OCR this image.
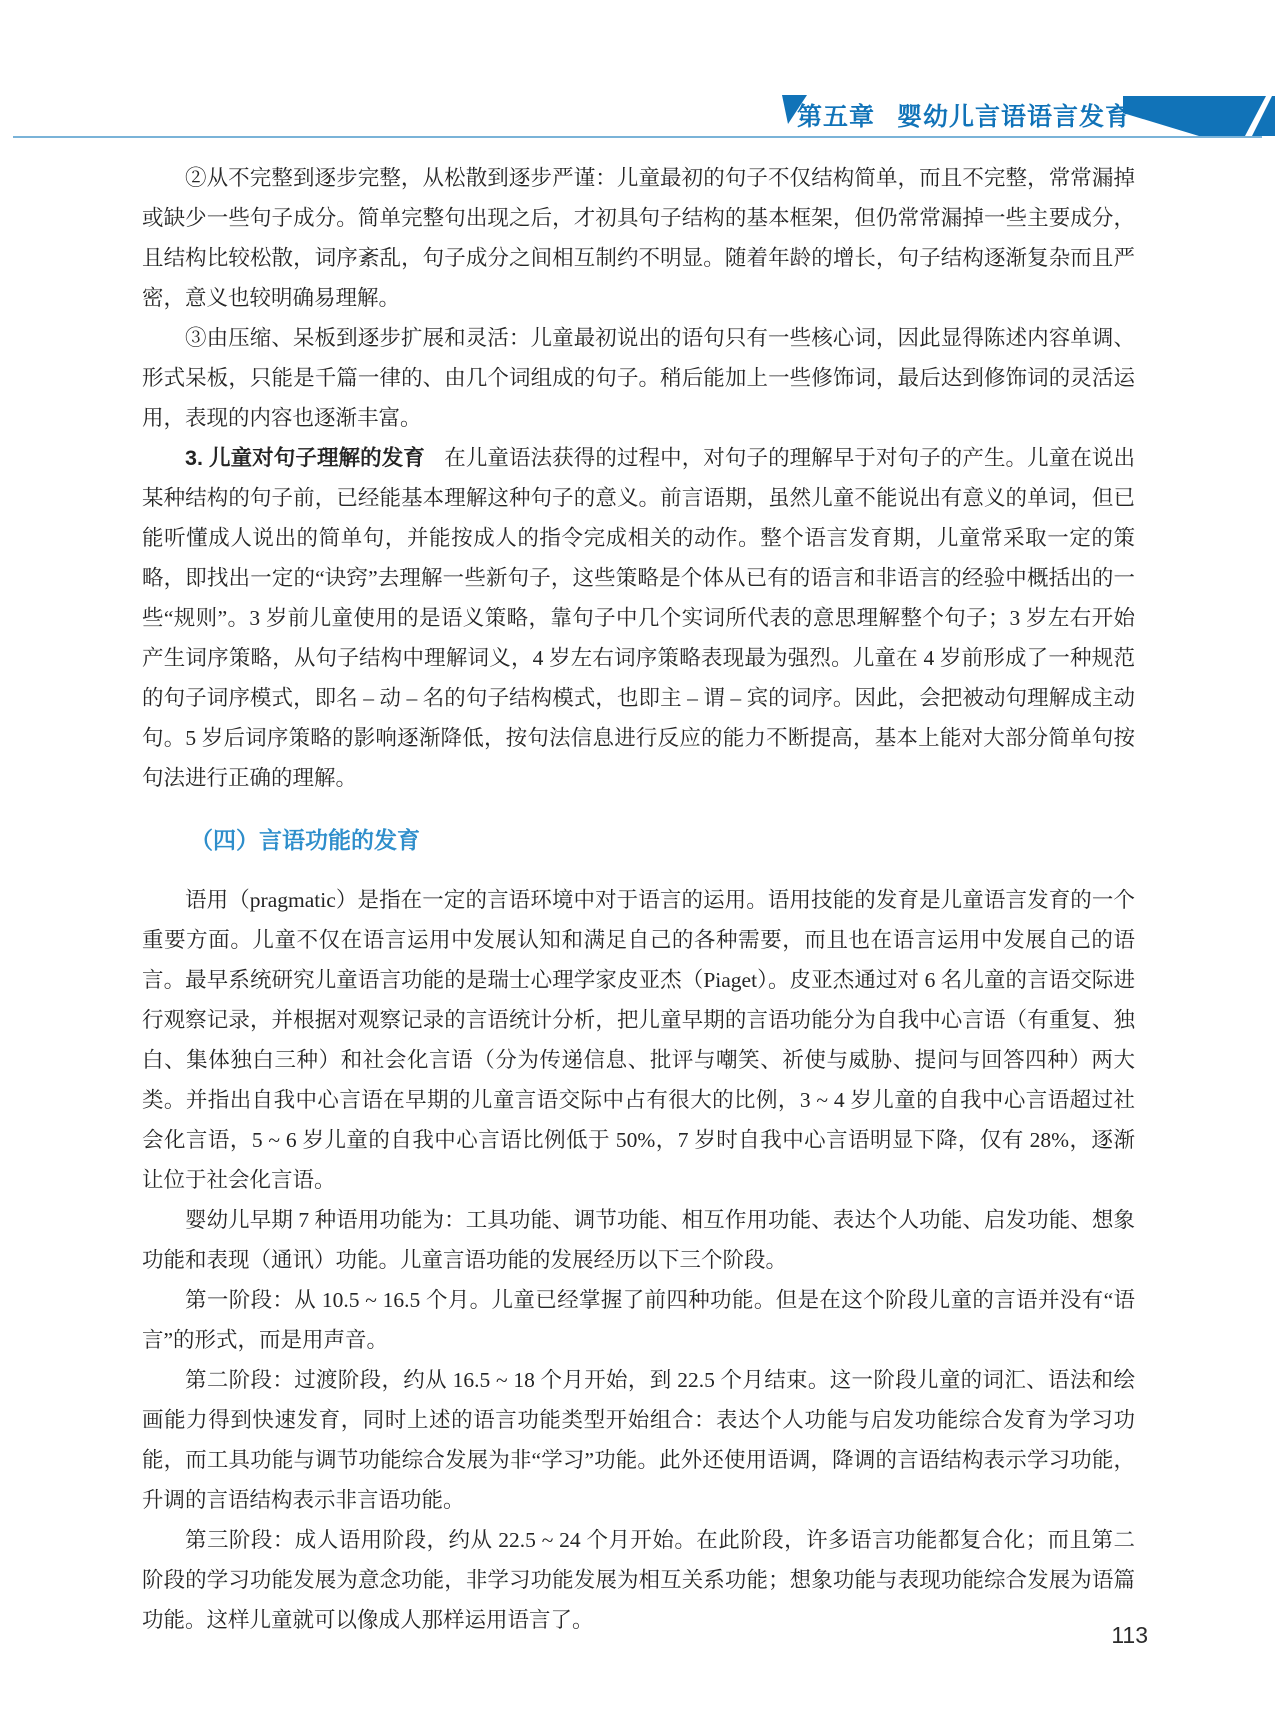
第五章 婴幼儿言语语言发育

②从不完整到逐步完整，从松散到逐步严谨：儿童最初的句子不仅结构简单，而且不完整，常常漏掉或缺少一些句子成分。简单完整句出现之后，才初具句子结构的基本框架，但仍常常漏掉一些主要成分，且结构比较松散，词序紊乱，句子成分之间相互制约不明显。随着年龄的增长，句子结构逐渐复杂而且严密，意义也较明确易理解。

③由压缩、呆板到逐步扩展和灵活：儿童最初说出的语句只有一些核心词，因此显得陈述内容单调、形式呆板，只能是千篇一律的、由几个词组成的句子。稍后能加上一些修饰词，最后达到修饰词的灵活运用，表现的内容也逐渐丰富。

3. 儿童对句子理解的发育 在儿童语法获得的过程中，对句子的理解早于对句子的产生。儿童在说出某种结构的句子前，已经能基本理解这种句子的意义。前言语期，虽然儿童不能说出有意义的单词，但已能听懂成人说出的简单句，并能按成人的指令完成相关的动作。整个语言发育期，儿童常采取一定的策略，即找出一定的“诀窍”去理解一些新句子，这些策略是个体从已有的语言和非语言的经验中概括出的一些“规则”。3 岁前儿童使用的是语义策略，靠句子中几个实词所代表的意思理解整个句子；3 岁左右开始产生词序策略，从句子结构中理解词义，4 岁左右词序策略表现最为强烈。儿童在 4 岁前形成了一种规范的句子词序模式，即名 – 动 – 名的句子结构模式，也即主 – 谓 – 宾的词序。因此，会把被动句理解成主动句。5 岁后词序策略的影响逐渐降低，按句法信息进行反应的能力不断提高，基本上能对大部分简单句按句法进行正确的理解。

（四）言语功能的发育

语用（pragmatic）是指在一定的言语环境中对于语言的运用。语用技能的发育是儿童语言发育的一个重要方面。儿童不仅在语言运用中发展认知和满足自己的各种需要，而且也在语言运用中发展自己的语言。最早系统研究儿童语言功能的是瑞士心理学家皮亚杰（Piaget）。皮亚杰通过对 6 名儿童的言语交际进行观察记录，并根据对观察记录的言语统计分析，把儿童早期的言语功能分为自我中心言语（有重复、独白、集体独白三种）和社会化言语（分为传递信息、批评与嘲笑、祈使与威胁、提问与回答四种）两大类。并指出自我中心言语在早期的儿童言语交际中占有很大的比例，3 ~ 4 岁儿童的自我中心言语超过社会化言语，5 ~ 6 岁儿童的自我中心言语比例低于 50%，7 岁时自我中心言语明显下降，仅有 28%，逐渐让位于社会化言语。

婴幼儿早期 7 种语用功能为：工具功能、调节功能、相互作用功能、表达个人功能、启发功能、想象功能和表现（通讯）功能。儿童言语功能的发展经历以下三个阶段。

第一阶段：从 10.5 ~ 16.5 个月。儿童已经掌握了前四种功能。但是在这个阶段儿童的言语并没有“语言”的形式，而是用声音。

第二阶段：过渡阶段，约从 16.5 ~ 18 个月开始，到 22.5 个月结束。这一阶段儿童的词汇、语法和绘画能力得到快速发育，同时上述的语言功能类型开始组合：表达个人功能与启发功能综合发育为学习功能，而工具功能与调节功能综合发展为非“学习”功能。此外还使用语调，降调的言语结构表示学习功能，升调的言语结构表示非言语功能。

第三阶段：成人语用阶段，约从 22.5 ~ 24 个月开始。在此阶段，许多语言功能都复合化；而且第二阶段的学习功能发展为意念功能，非学习功能发展为相互关系功能；想象功能与表现功能综合发展为语篇功能。这样儿童就可以像成人那样运用语言了。

113
